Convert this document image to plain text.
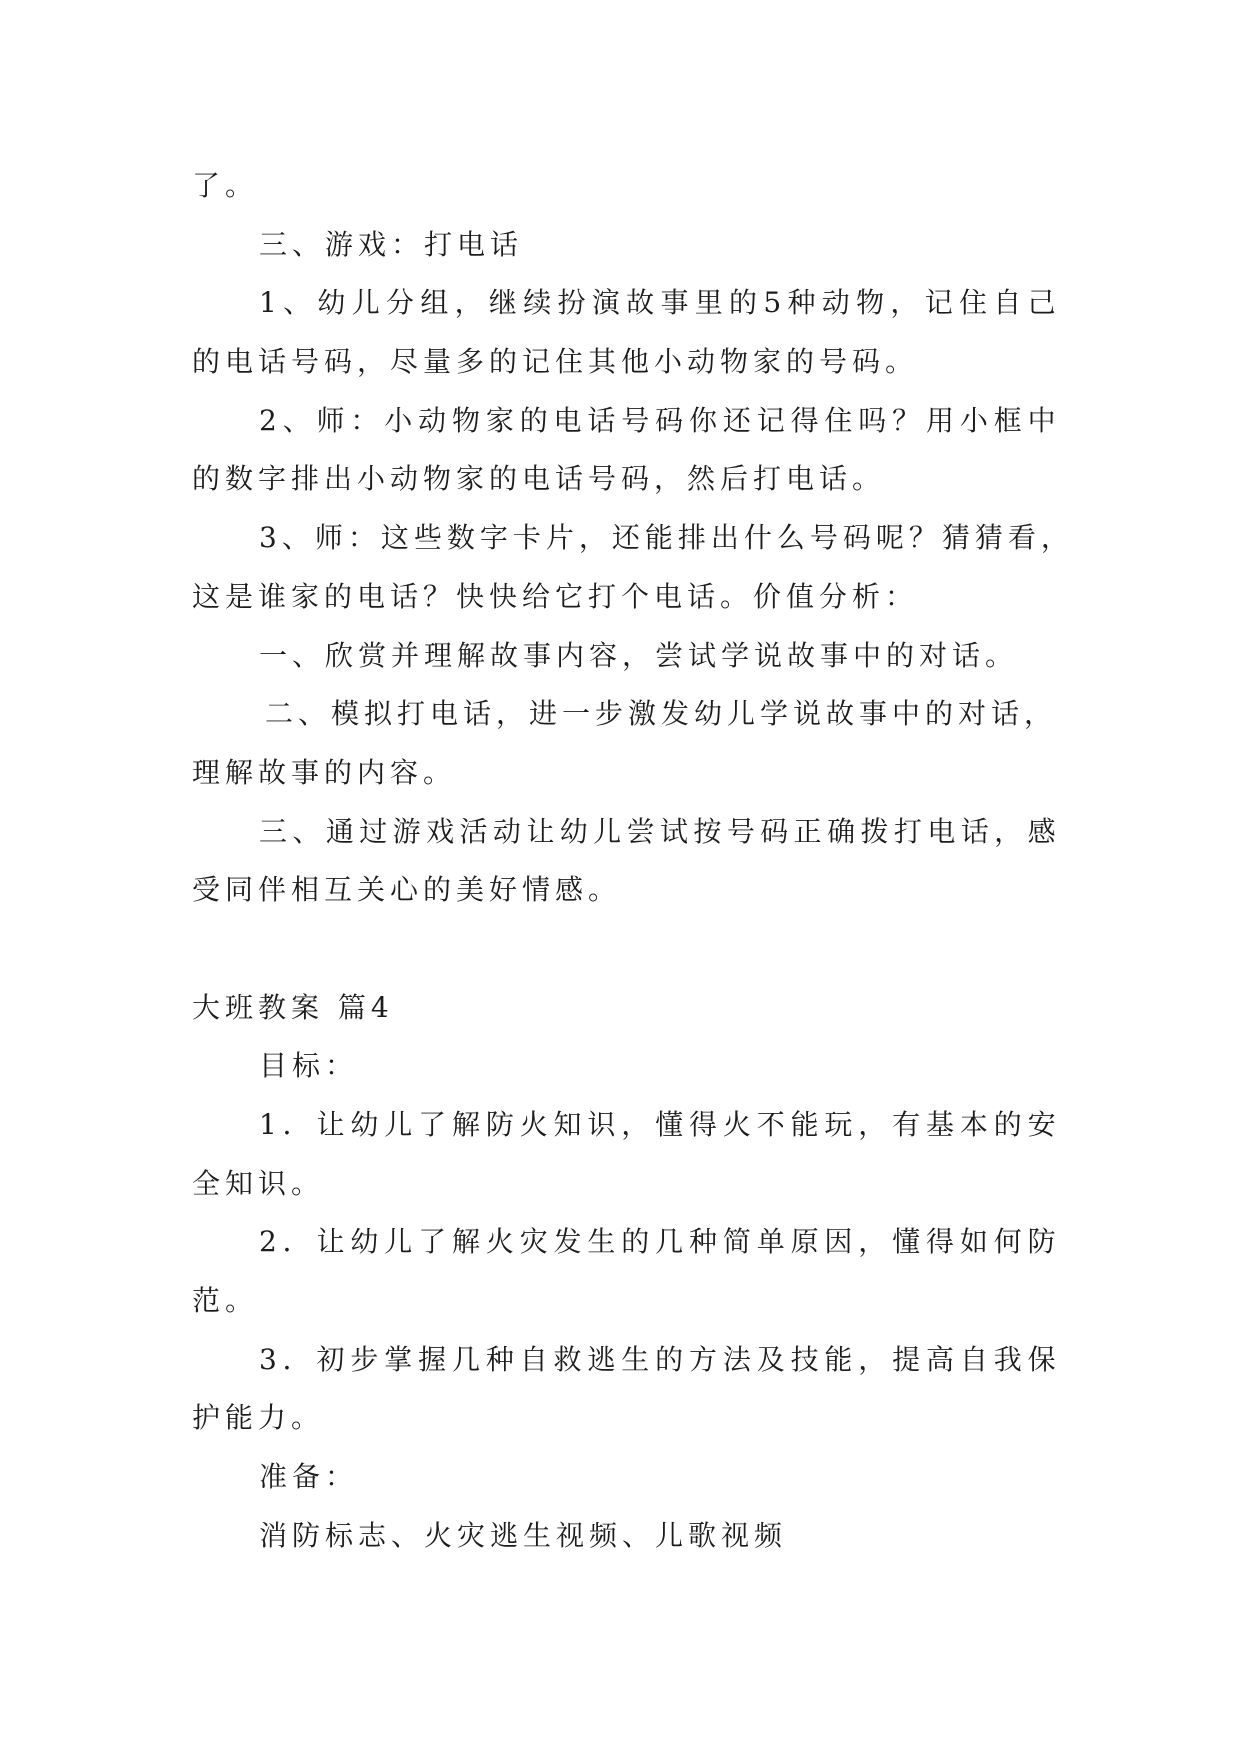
了。
三、游戏：打电话
1、幼儿分组，继续扮演故事里的5种动物，记住自己
的电话号码，尽量多的记住其他小动物家的号码。
2、师：小动物家的电话号码你还记得住吗？用小框中
的数字排出小动物家的电话号码，然后打电话。
3、师：这些数字卡片，还能排出什么号码呢？猜猜看，
这是谁家的电话？快快给它打个电话。价值分析：
一、欣赏并理解故事内容，尝试学说故事中的对话。
二、模拟打电话，进一步激发幼儿学说故事中的对话，
理解故事的内容。
三、通过游戏活动让幼儿尝试按号码正确拨打电话，感
受同伴相互关心的美好情感。
大班教案 篇4
目标：
1．让幼儿了解防火知识，懂得火不能玩，有基本的安
全知识。
2．让幼儿了解火灾发生的几种简单原因，懂得如何防
范。
3．初步掌握几种自救逃生的方法及技能，提高自我保
护能力。
准备：
消防标志、火灾逃生视频、儿歌视频
